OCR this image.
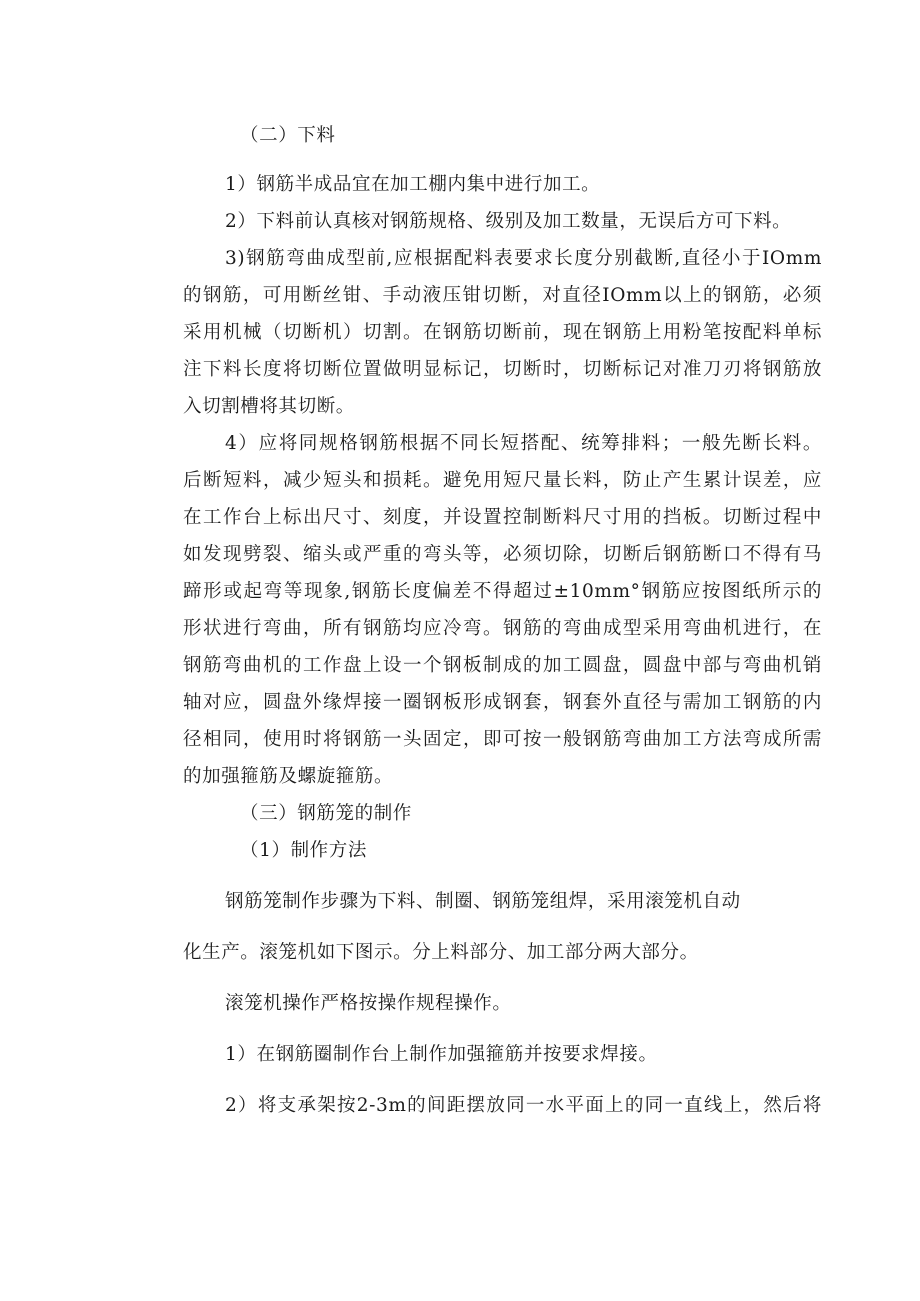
（二）下料
1）钢筋半成品宜在加工棚内集中进行加工。
2）下料前认真核对钢筋规格、级别及加工数量，无误后方可下料。
3)钢筋弯曲成型前,应根据配料表要求长度分别截断,直径小于IOmm
的钢筋，可用断丝钳、手动液压钳切断，对直径IOmm以上的钢筋，必须
采用机械（切断机）切割。在钢筋切断前，现在钢筋上用粉笔按配料单标
注下料长度将切断位置做明显标记，切断时，切断标记对准刀刃将钢筋放
入切割槽将其切断。
4）应将同规格钢筋根据不同长短搭配、统筹排料；一般先断长料。
后断短料，减少短头和损耗。避免用短尺量长料，防止产生累计误差，应
在工作台上标出尺寸、刻度，并设置控制断料尺寸用的挡板。切断过程中
如发现劈裂、缩头或严重的弯头等，必须切除，切断后钢筋断口不得有马
蹄形或起弯等现象,钢筋长度偏差不得超过±10mm°钢筋应按图纸所示的
形状进行弯曲，所有钢筋均应冷弯。钢筋的弯曲成型采用弯曲机进行，在
钢筋弯曲机的工作盘上设一个钢板制成的加工圆盘，圆盘中部与弯曲机销
轴对应，圆盘外缘焊接一圈钢板形成钢套，钢套外直径与需加工钢筋的内
径相同，使用时将钢筋一头固定，即可按一般钢筋弯曲加工方法弯成所需
的加强箍筋及螺旋箍筋。
（三）钢筋笼的制作
（1）制作方法
钢筋笼制作步骤为下料、制圈、钢筋笼组焊，采用滚笼机自动
化生产。滚笼机如下图示。分上料部分、加工部分两大部分。
滚笼机操作严格按操作规程操作。
1）在钢筋圈制作台上制作加强箍筋并按要求焊接。
2）将支承架按2-3m的间距摆放同一水平面上的同一直线上，然后将
